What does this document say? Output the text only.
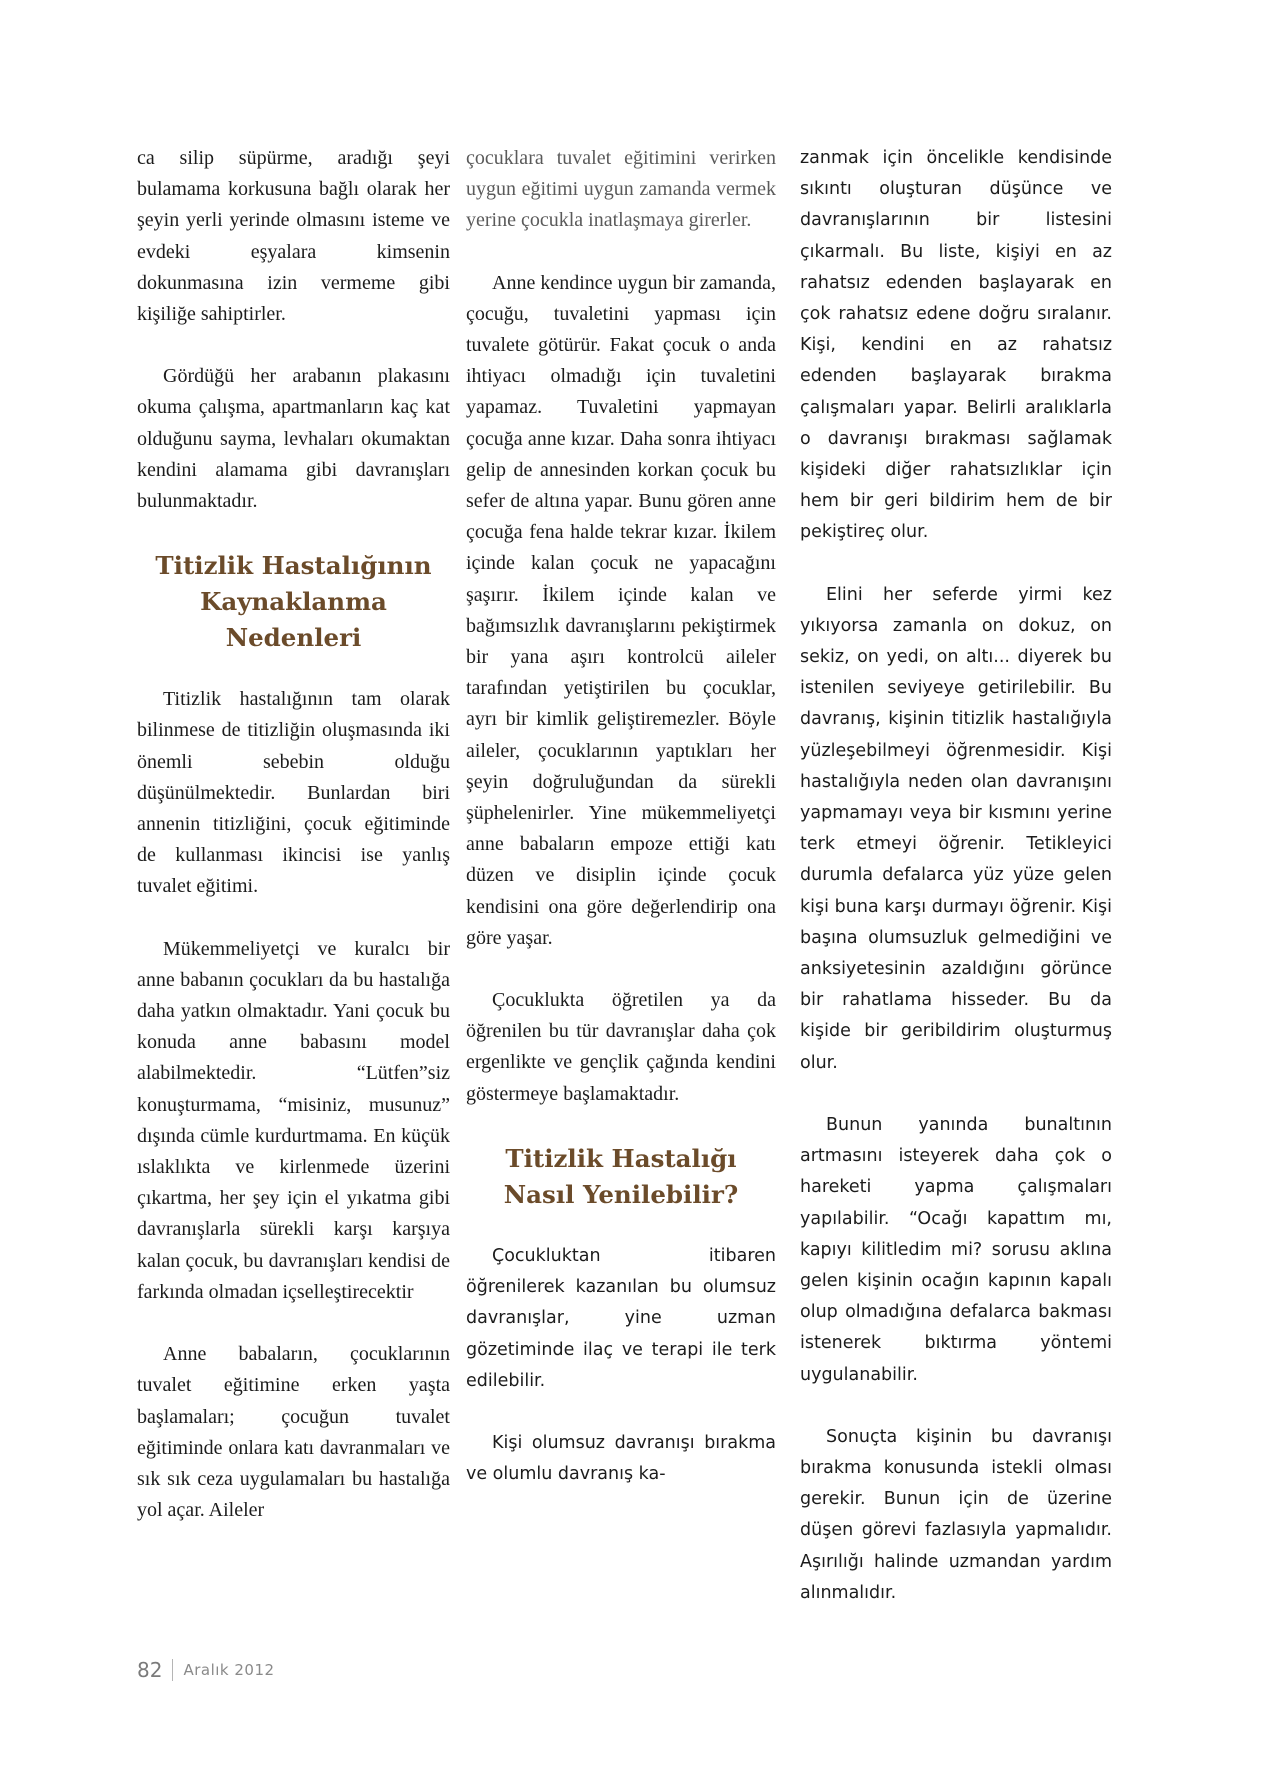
ca silip süpürme, aradığı şeyi bulamama korkusuna bağlı olarak her şeyin yerli yerinde olmasını isteme ve evdeki eşyalara kimsenin dokunmasına izin vermeme gibi kişiliğe sahiptirler.

Gördüğü her arabanın plakasını okuma çalışma, apartmanların kaç kat olduğunu sayma, levhaları okumaktan kendini alamama gibi davranışları bulunmaktadır.

Titizlik Hastalığının Kaynaklanma Nedenleri

Titizlik hastalığının tam olarak bilinmese de titizliğin oluşmasında iki önemli sebebin olduğu düşünülmektedir. Bunlardan biri annenin titizliğini, çocuk eğitiminde de kullanması ikincisi ise yanlış tuvalet eğitimi.

Mükemmeliyetçi ve kuralcı bir anne babanın çocukları da bu hastalığa daha yatkın olmaktadır. Yani çocuk bu konuda anne babasını model alabilmektedir. “Lütfen”siz konuşturmama, “misiniz, musunuz” dışında cümle kurdurtmama. En küçük ıslaklıkta ve kirlenmede üzerini çıkartma, her şey için el yıkatma gibi davranışlarla sürekli karşı karşıya kalan çocuk, bu davranışları kendisi de farkında olmadan içselleştirecektir

Anne babaların, çocuklarının tuvalet eğitimine erken yaşta başlamaları; çocuğun tuvalet eğitiminde onlara katı davranmaları ve sık sık ceza uygulamaları bu hastalığa yol açar. Aileler

çocuklara tuvalet eğitimini verirken uygun eğitimi uygun zamanda vermek yerine çocukla inatlaşmaya girerler.

Anne kendince uygun bir zamanda, çocuğu, tuvaletini yapması için tuvalete götürür. Fakat çocuk o anda ihtiyacı olmadığı için tuvaletini yapamaz. Tuvaletini yapmayan çocuğa anne kızar. Daha sonra ihtiyacı gelip de annesinden korkan çocuk bu sefer de altına yapar. Bunu gören anne çocuğa fena halde tekrar kızar. İkilem içinde kalan çocuk ne yapacağını şaşırır. İkilem içinde kalan ve bağımsızlık davranışlarını pekiştirmek bir yana aşırı kontrolcü aileler tarafından yetiştirilen bu çocuklar, ayrı bir kimlik geliştiremezler. Böyle aileler, çocuklarının yaptıkları her şeyin doğruluğundan da sürekli şüphelenirler. Yine mükemmeliyetçi anne babaların empoze ettiği katı düzen ve disiplin içinde çocuk kendisini ona göre değerlendirip ona göre yaşar.

Çocuklukta öğretilen ya da öğrenilen bu tür davranışlar daha çok ergenlikte ve gençlik çağında kendini göstermeye başlamaktadır.

Titizlik Hastalığı Nasıl Yenilebilir?

Çocukluktan itibaren öğrenilerek kazanılan bu olumsuz davranışlar, yine uzman gözetiminde ilaç ve terapi ile terk edilebilir.

Kişi olumsuz davranışı bırakma ve olumlu davranış ka-

zanmak için öncelikle kendisinde sıkıntı oluşturan düşünce ve davranışlarının bir listesini çıkarmalı. Bu liste, kişiyi en az rahatsız edenden başlayarak en çok rahatsız edene doğru sıralanır. Kişi, kendini en az rahatsız edenden başlayarak bırakma çalışmaları yapar. Belirli aralıklarla o davranışı bırakması sağlamak kişideki diğer rahatsızlıklar için hem bir geri bildirim hem de bir pekiştireç olur.

Elini her seferde yirmi kez yıkıyorsa zamanla on dokuz, on sekiz, on yedi, on altı... diyerek bu istenilen seviyeye getirilebilir. Bu davranış, kişinin titizlik hastalığıyla yüzleşebilmeyi öğrenmesidir. Kişi hastalığıyla neden olan davranışını yapmamayı veya bir kısmını yerine terk etmeyi öğrenir. Tetikleyici durumla defalarca yüz yüze gelen kişi buna karşı durmayı öğrenir. Kişi başına olumsuzluk gelmediğini ve anksiyetesinin azaldığını görünce bir rahatlama hisseder. Bu da kişide bir geribildirim oluşturmuş olur.

Bunun yanında bunaltının artmasını isteyerek daha çok o hareketi yapma çalışmaları yapılabilir. “Ocağı kapattım mı, kapıyı kilitledim mi? sorusu aklına gelen kişinin ocağın kapının kapalı olup olmadığına defalarca bakması istenerek bıktırma yöntemi uygulanabilir.

Sonuçta kişinin bu davranışı bırakma konusunda istekli olması gerekir. Bunun için de üzerine düşen görevi fazlasıyla yapmalıdır. Aşırılığı halinde uzmandan yardım alınmalıdır.

82 Aralık 2012
